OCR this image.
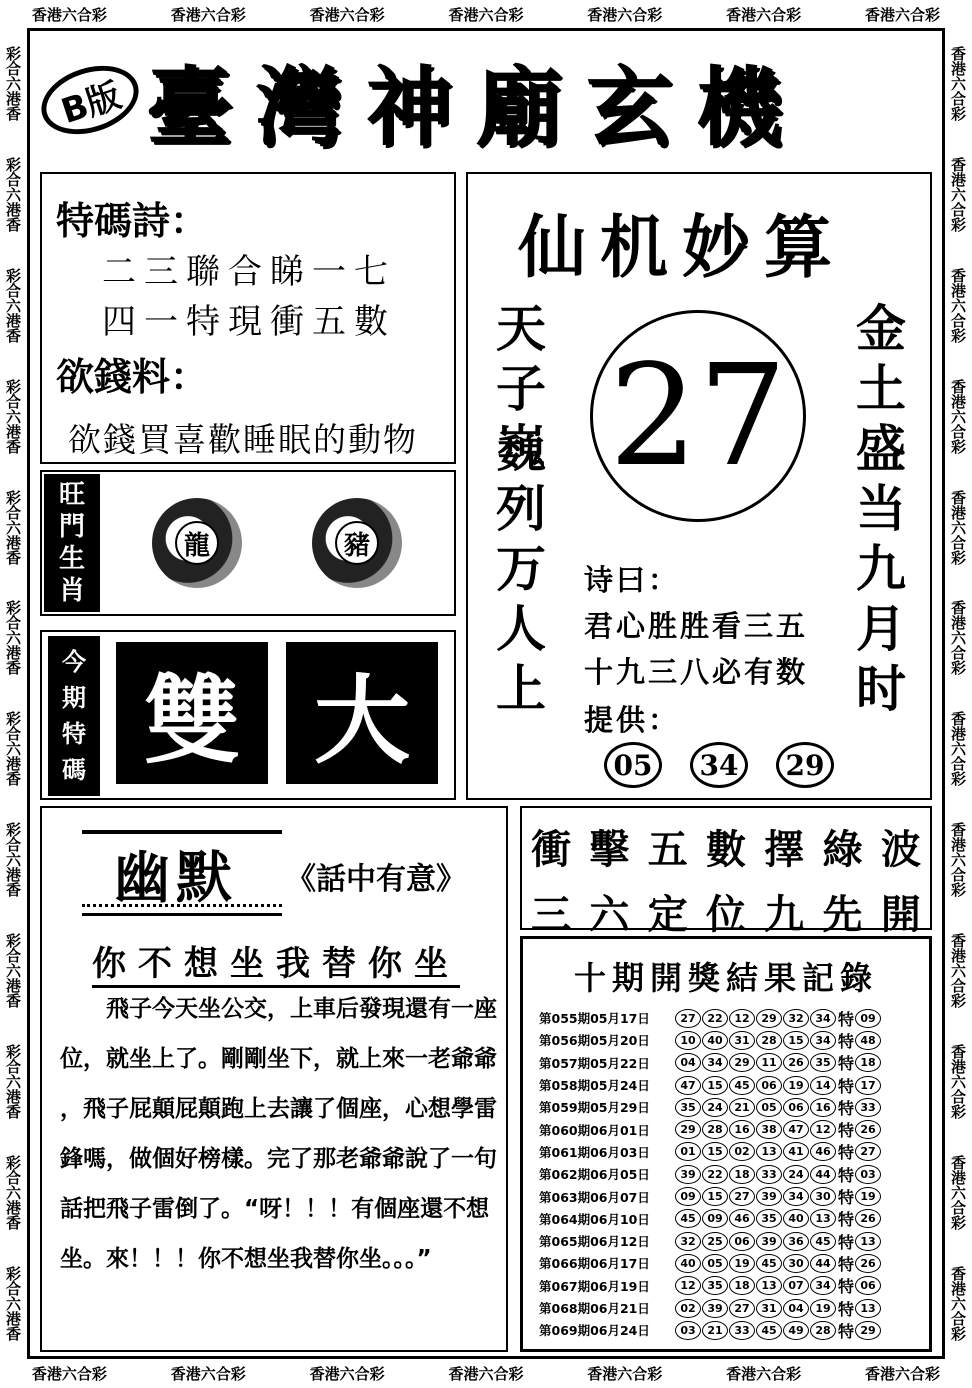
香港六合彩	香港六合彩	香港六合彩	香港六合彩	香港六合彩	香港六合彩	香港六合彩
香港六合彩	香港六合彩	香港六合彩	香港六合彩	香港六合彩	香港六合彩	香港六合彩
彩合六港香
彩合六港香
彩合六港香
彩合六港香
彩合六港香
彩合六港香
彩合六港香
彩合六港香
彩合六港香
彩合六港香
彩合六港香
彩合六港香
香港六合彩
香港六合彩
香港六合彩
香港六合彩
香港六合彩
香港六合彩
香港六合彩
香港六合彩
香港六合彩
香港六合彩
香港六合彩
香港六合彩
B版 臺 灣 神 廟 玄 機
特碼詩：
二三聯合睇一七
四一特現衝五數
欲錢料：
欲錢買喜歡睡眠的動物
旺
門
生
肖
龍	豬
今
期
特
碼 雙 大
仙机妙算
天
子
巍
列
万
人
上
金
土
盛
当
九
月
时
27
诗曰：
君心胜胜看三五
十九三八必有数
提供：
05	34	29
幽默 《話中有意》
你不想坐我替你坐
飛子今天坐公交，上車后發現還有一座
位，就坐上了。剛剛坐下，就上來一老爺爺
，飛子屁顛屁顛跑上去讓了個座，心想學雷
鋒嗎，做個好榜樣。完了那老爺爺說了一句
話把飛子雷倒了。“呀！！！有個座還不想
坐。來！！！你不想坐我替你坐。。。”
衝 擊 五 數 擇 綠 波
三 六 定 位 九 先 開
十期開獎結果記錄
第055期05月17日	27	22	12	29	32	34 特 09
第056期05月20日	10	40	31	28	15	34 特 48
第057期05月22日	04	34	29	11	26	35 特 18
第058期05月24日	47	15	45	06	19	14 特 17
第059期05月29日	35	24	21	05	06	16 特 33
第060期06月01日	29	28	16	38	47	12 特 26
第061期06月03日	01	15	02	13	41	46 特 27
第062期06月05日	39	22	18	33	24	44 特 03
第063期06月07日	09	15	27	39	34	30 特 19
第064期06月10日	45	09	46	35	40	13 特 26
第065期06月12日	32	25	06	39	36	45 特 13
第066期06月17日	40	05	19	45	30	44 特 26
第067期06月19日	12	35	18	13	07	34 特 06
第068期06月21日	02	39	27	31	04	19 特 13
第069期06月24日	03	21	33	45	49	28 特 29
